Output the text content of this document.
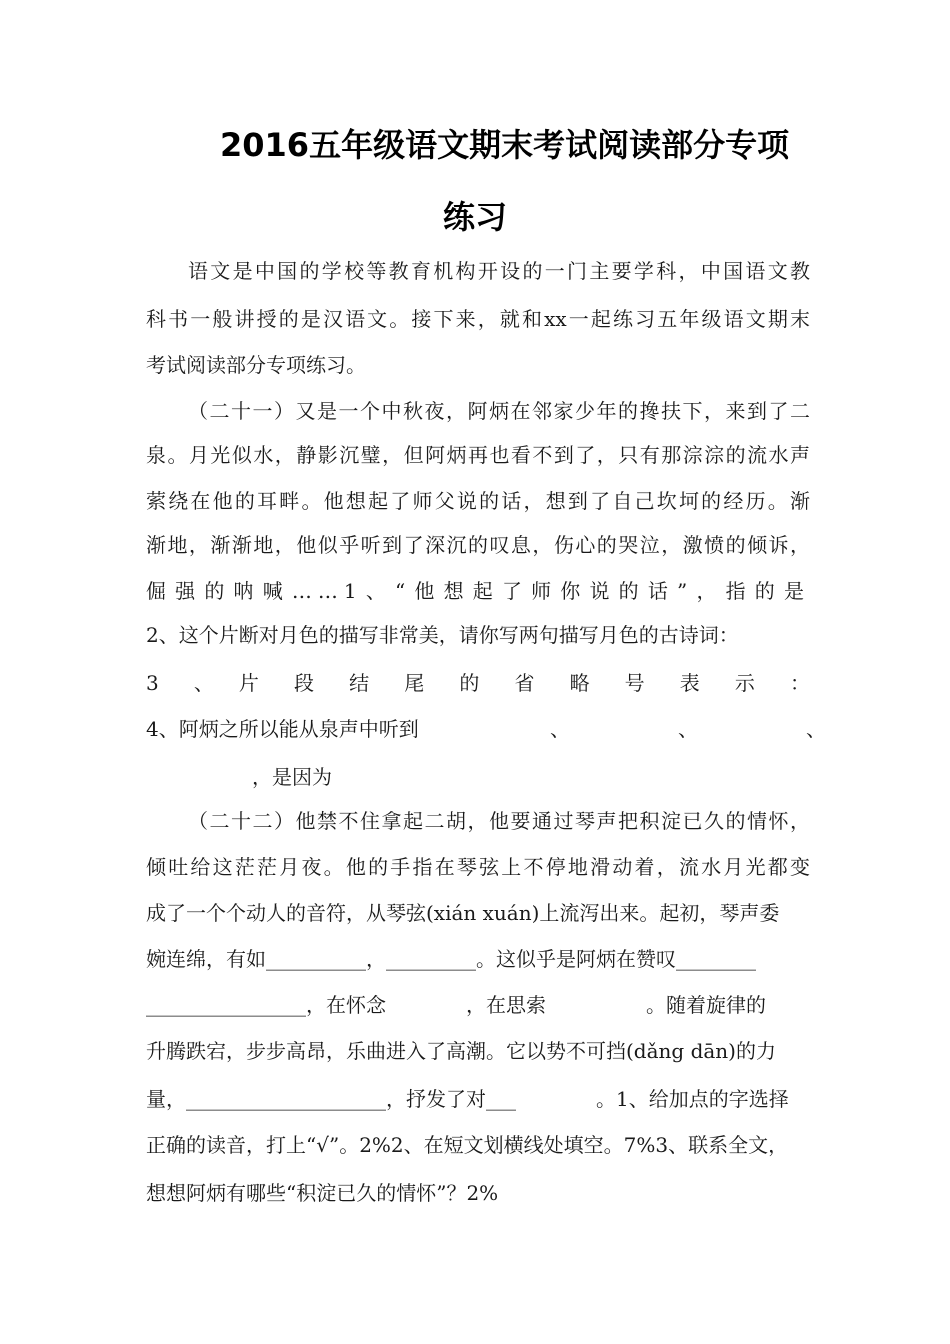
2016五年级语文期末考试阅读部分专项
练习
语文是中国的学校等教育机构开设的一门主要学科，中国语文教
科书一般讲授的是汉语文。接下来，就和xx一起练习五年级语文期末
考试阅读部分专项练习。
（二十一）又是一个中秋夜，阿炳在邻家少年的搀扶下，来到了二
泉。月光似水，静影沉璧，但阿炳再也看不到了，只有那淙淙的流水声
萦绕在他的耳畔。他想起了师父说的话，想到了自己坎坷的经历。渐
渐地，渐渐地，他似乎听到了深沉的叹息，伤心的哭泣，激愤的倾诉，
倔强的呐喊……1、“他想起了师你说的话”，指的是
2、这个片断对月色的描写非常美，请你写两句描写月色的古诗词：
3　、　片　段　结　尾　的　省　略　号　表　示　：
4、阿炳之所以能从泉声中听到	、	、	、
，是因为
（二十二）他禁不住拿起二胡，他要通过琴声把积淀已久的情怀，
倾吐给这茫茫月夜。他的手指在琴弦上不停地滑动着，流水月光都变
成了一个个动人的音符，从琴弦(xián xuán)上流泻出来。起初，琴声委
婉连绵，有如__________，_________。这似乎是阿炳在赞叹________
________________，在怀念　　　　，在思索　　　　　。随着旋律的
升腾跌宕，步步高昂，乐曲进入了高潮。它以势不可挡(dǎng dān)的力
量，____________________，抒发了对___　　　　。1、给加点的字选择
正确的读音，打上“√”。2%2、在短文划横线处填空。7%3、联系全文，
想想阿炳有哪些“积淀已久的情怀”？2%
